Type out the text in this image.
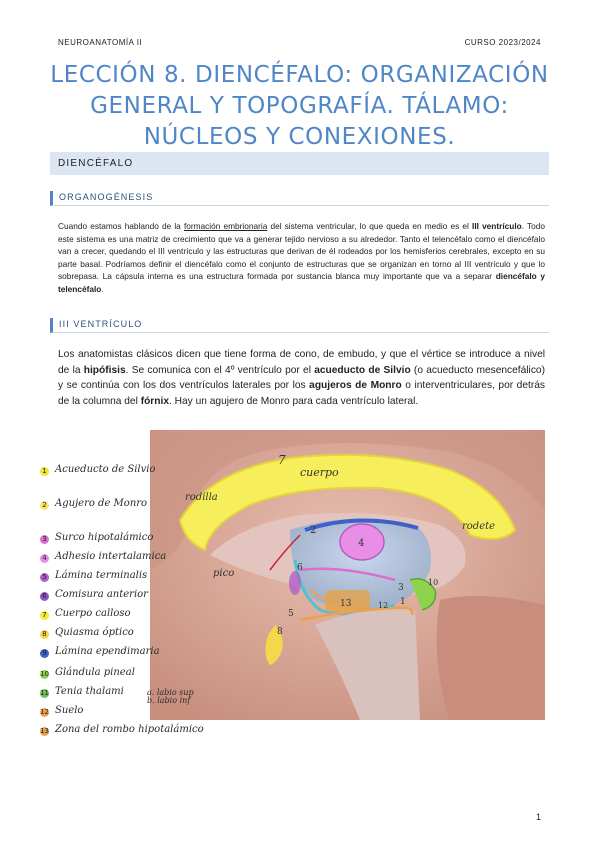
NEUROANATOMÍA II	CURSO 2023/2024
LECCIÓN 8. DIENCÉFALO: ORGANIZACIÓN
GENERAL Y TOPOGRAFÍA. TÁLAMO:
NÚCLEOS Y CONEXIONES.
DIENCÉFALO
ORGANOGÉNESIS

Cuando estamos hablando de la formación embrionaria del sistema ventricular, lo que queda en medio es el III ventrículo. Todo este sistema es una matriz de crecimiento que va a generar tejido nervioso a su alrededor. Tanto el telencéfalo como el diencéfalo van a crecer, quedando el III ventrículo y las estructuras que derivan de él rodeados por los hemisferios cerebrales, excepto en su parte basal. Podríamos definir el diencéfalo como el conjunto de estructuras que se organizan en torno al III ventrículo y que lo sobrepasa. La cápsula interna es una estructura formada por sustancia blanca muy importante que va a separar diencéfalo y telencéfalo.

III VENTRÍCULO

Los anatomistas clásicos dicen que tiene forma de cono, de embudo, y que el vértice se introduce a nivel de la hipófisis. Se comunica con el 4º ventrículo por el acueducto de Silvio (o acueducto mesencefálico) y se continúa con los dos ventrículos laterales por los agujeros de Monro o interventriculares, por detrás de la columna del fórnix. Hay un agujero de Monro para cada ventrículo lateral.

7
cuerpo
rodilla
pico
rodete
4
2
13
3
5
6
8
10
12 1
1 Acueducto de Silvio
2 Agujero de Monro
3 Surco hipotalámico
4 Adhesio intertalamica
5 Lámina terminalis
6 Comisura anterior
7 Cuerpo calloso
8 Quiasma óptico
9 Lámina ependimaria
10 Glándula pineal
11 Tenia thalami
12 Suelo
13 Zona del rombo hipotalámico
a. labio sup
b. labio inf
1
